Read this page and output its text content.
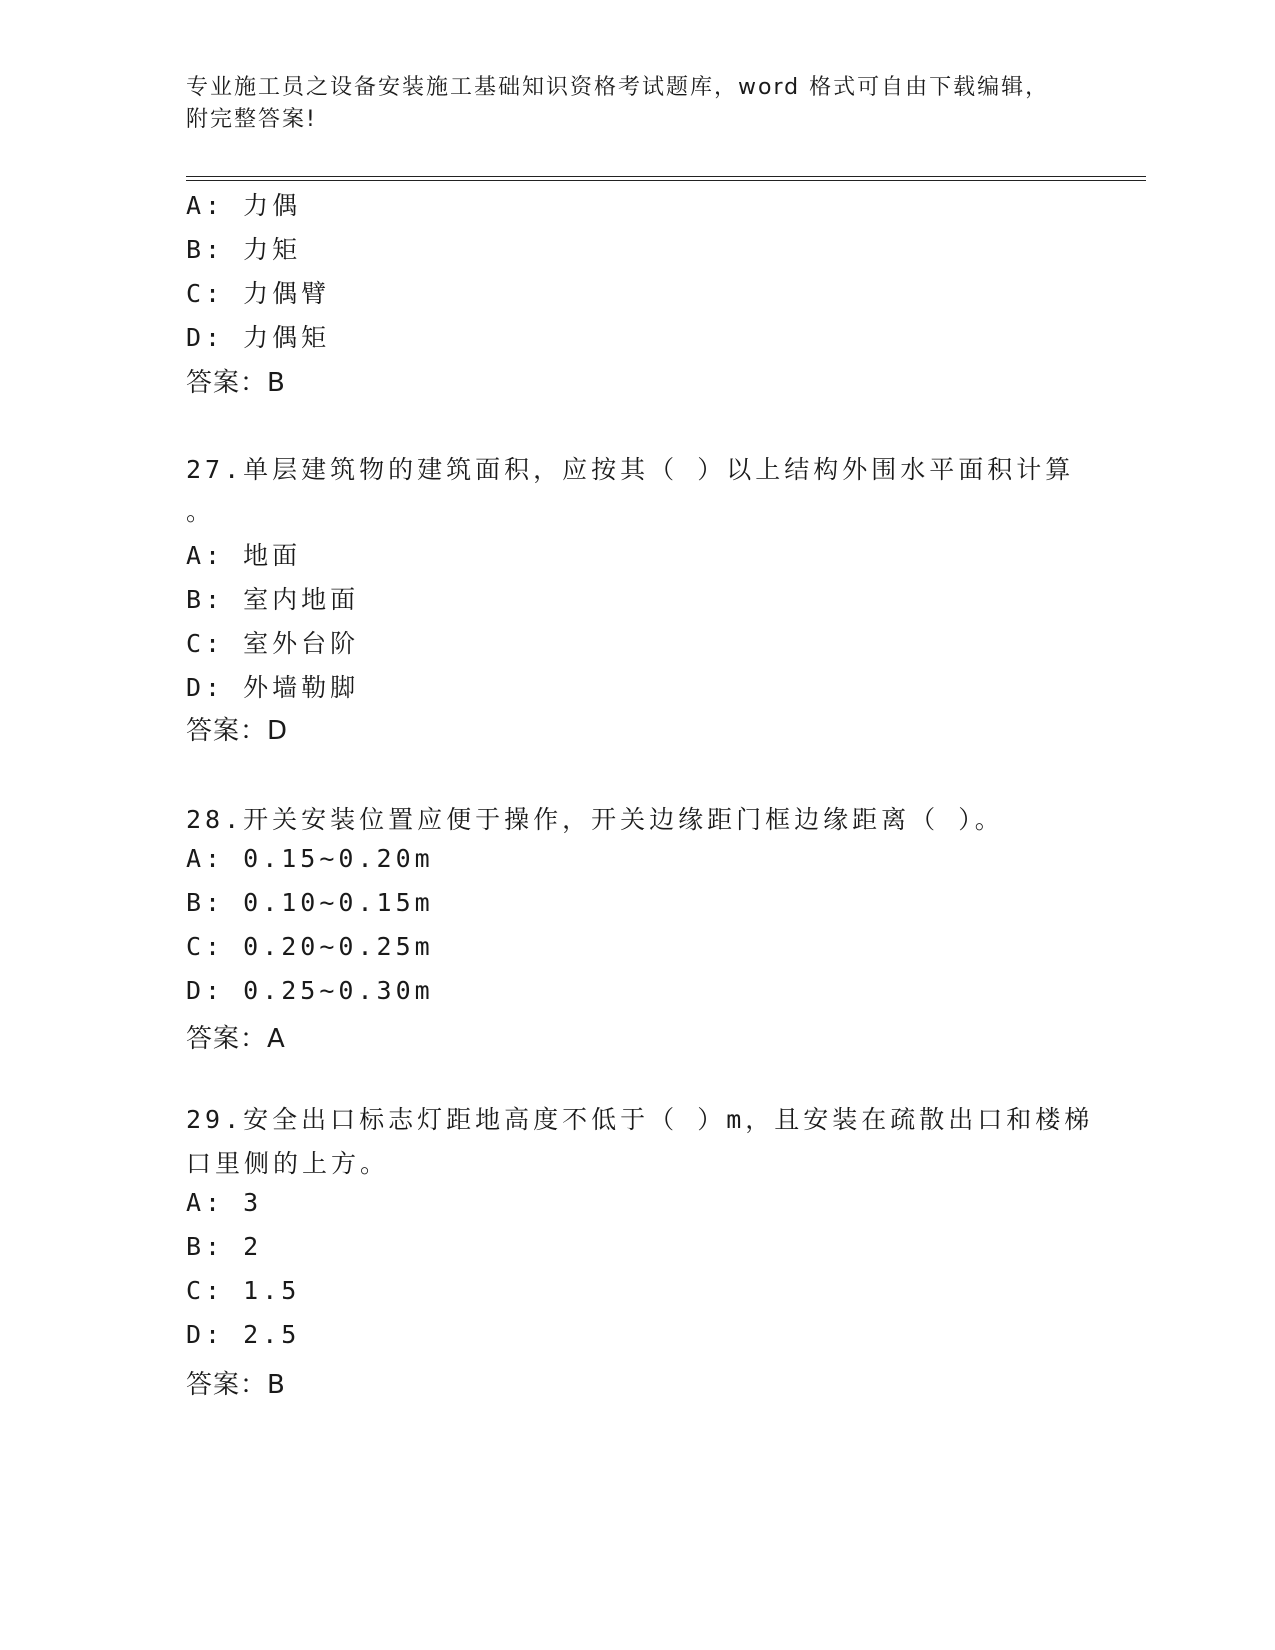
专业施工员之设备安装施工基础知识资格考试题库，word 格式可自由下载编辑，
附完整答案!
A: 力偶
B: 力矩
C: 力偶臂
D: 力偶矩
答案：B
27.单层建筑物的建筑面积，应按其（ ）以上结构外围水平面积计算
。
A: 地面
B: 室内地面
C: 室外台阶
D: 外墙勒脚
答案：D
28.开关安装位置应便于操作，开关边缘距门框边缘距离（ ）。
A: 0.15~0.20m
B: 0.10~0.15m
C: 0.20~0.25m
D: 0.25~0.30m
答案：A
29.安全出口标志灯距地高度不低于（ ）m，且安装在疏散出口和楼梯
口里侧的上方。
A: 3
B: 2
C: 1.5
D: 2.5
答案：B
